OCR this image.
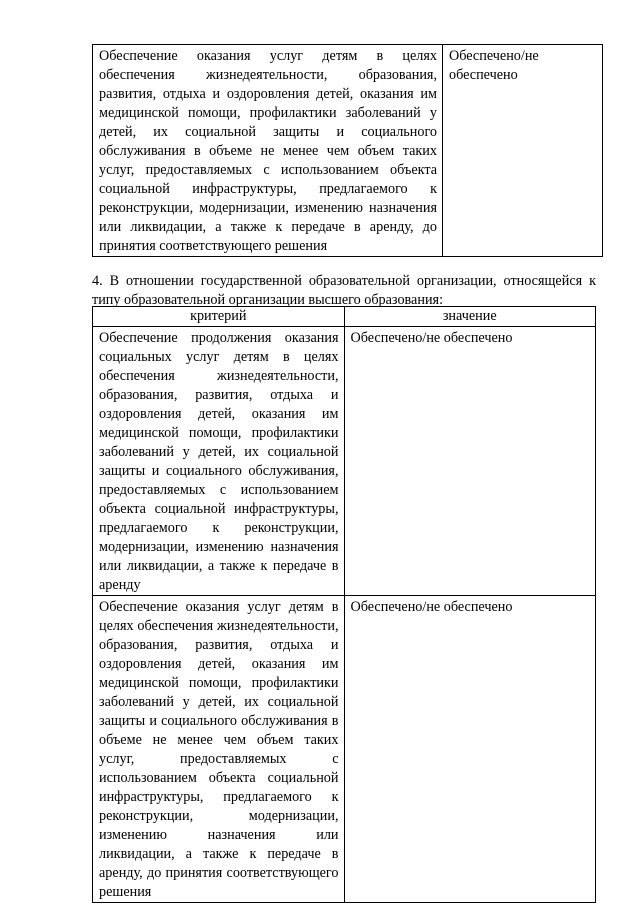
Обеспечение оказания услуг детям в целях обеспечения жизнедеятельности, образования, развития, отдыха и оздоровления детей, оказания им медицинской помощи, профилактики заболеваний у детей, их социальной защиты и социального обслуживания в объеме не менее чем объем таких услуг, предоставляемых с использованием объекта социальной инфраструктуры, предлагаемого к реконструкции, модернизации, изменению назначения или ликвидации, а также к передаче в аренду, до принятия соответствующего решения	Обеспечено/не обеспечено

4. В отношении государственной образовательной организации, относящейся к типу образовательной организации высшего образования:

критерий	значение
Обеспечение продолжения оказания социальных услуг детям в целях обеспечения жизнедеятельности, образования, развития, отдыха и оздоровления детей, оказания им медицинской помощи, профилактики заболеваний у детей, их социальной защиты и социального обслуживания, предоставляемых с использованием объекта социальной инфраструктуры, предлагаемого к реконструкции, модернизации, изменению назначения или ликвидации, а также к передаче в аренду	Обеспечено/не обеспечено
Обеспечение оказания услуг детям в целях обеспечения жизнедеятельности, образования, развития, отдыха и оздоровления детей, оказания им медицинской помощи, профилактики заболеваний у детей, их социальной защиты и социального обслуживания в объеме не менее чем объем таких услуг, предоставляемых с использованием объекта социальной инфраструктуры, предлагаемого к реконструкции, модернизации, изменению назначения или ликвидации, а также к передаче в аренду, до принятия соответствующего решения	Обеспечено/не обеспечено
